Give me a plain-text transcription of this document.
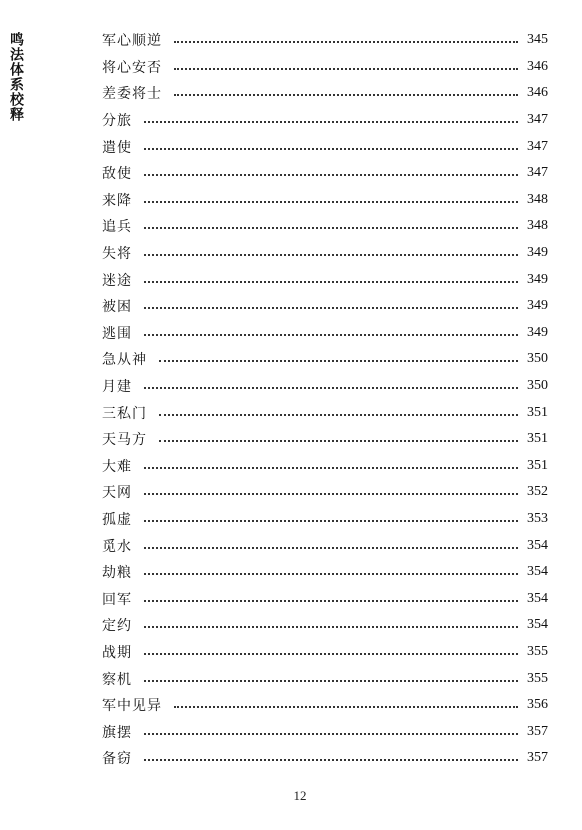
鸣法体系校释	军心顺逆	345
将心安否	346
差委将士	346
分旅	347
遣使	347
敌使	347
来降	348
追兵	348
失将	349
迷途	349
被困	349
逃围	349
急从神	350
月建	350
三私门	351
天马方	351
大难	351
天网	352
孤虚	353
觅水	354
劫粮	354
回军	354
定约	354
战期	355
察机	355
军中见异	356
旗摆	357
备窃	357
12
